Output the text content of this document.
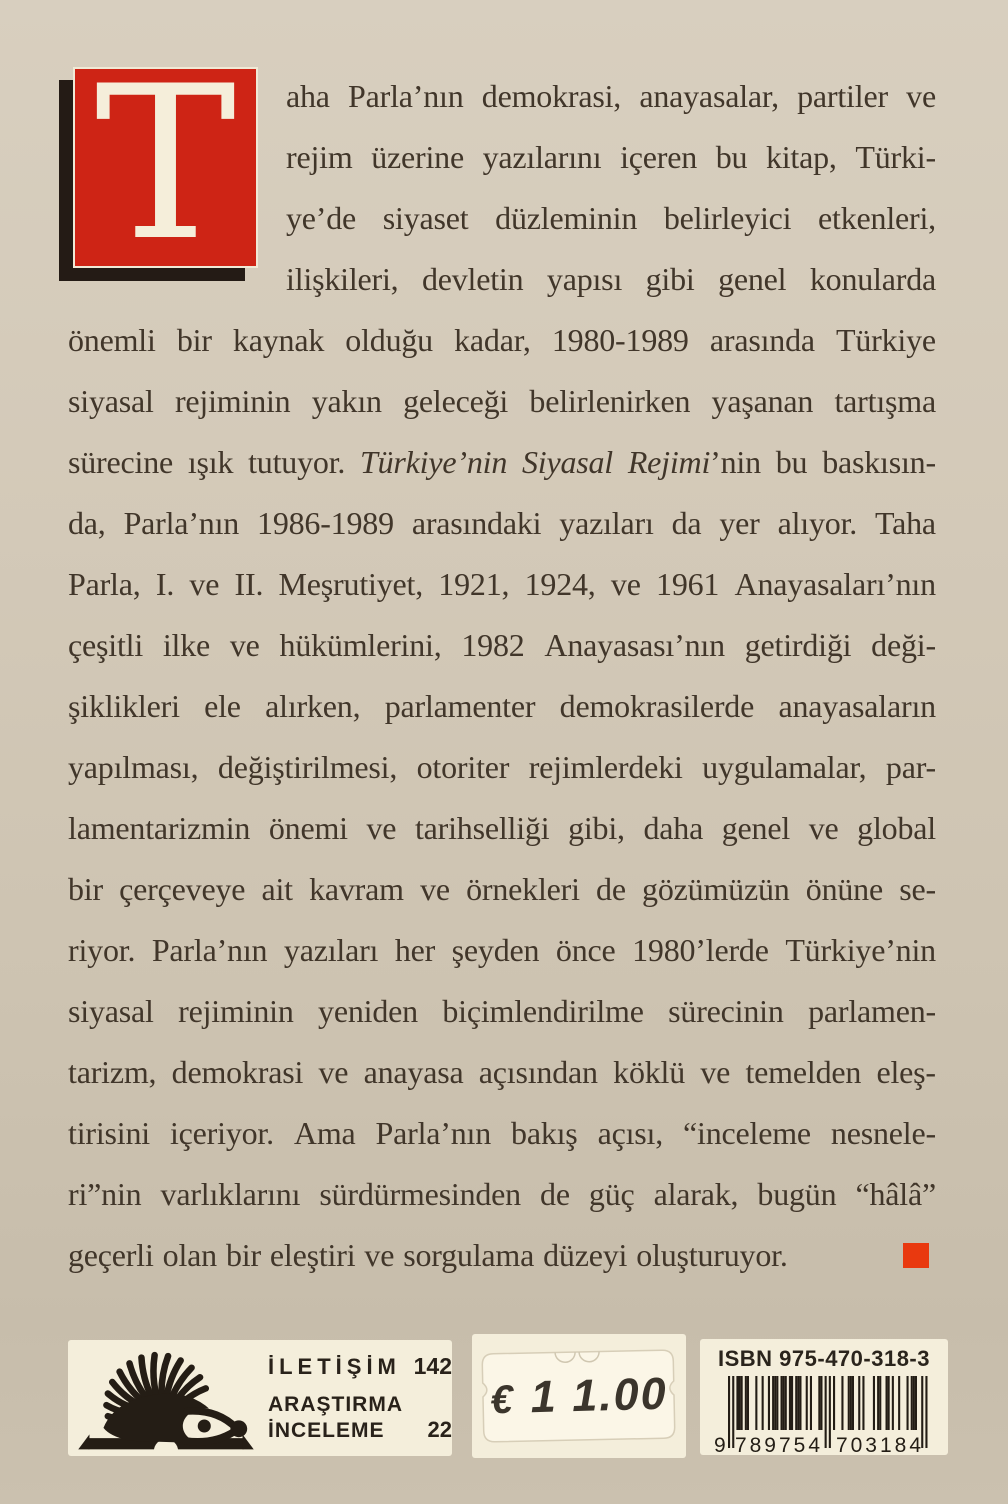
T aha Parla’nın demokrasi, anayasalar, partiler ve
rejim üzerine yazılarını içeren bu kitap, Türki-
ye’de siyaset düzleminin belirleyici etkenleri,
ilişkileri, devletin yapısı gibi genel konularda
önemli bir kaynak olduğu kadar, 1980-1989 arasında Türkiye
siyasal rejiminin yakın geleceği belirlenirken yaşanan tartışma
sürecine ışık tutuyor. Türkiye’nin Siyasal Rejimi’nin bu baskısın-
da, Parla’nın 1986-1989 arasındaki yazıları da yer alıyor. Taha
Parla, I. ve II. Meşrutiyet, 1921, 1924, ve 1961 Anayasaları’nın
çeşitli ilke ve hükümlerini, 1982 Anayasası’nın getirdiği deği-
şiklikleri ele alırken, parlamenter demokrasilerde anayasaların
yapılması, değiştirilmesi, otoriter rejimlerdeki uygulamalar, par-
lamentarizmin önemi ve tarihselliği gibi, daha genel ve global
bir çerçeveye ait kavram ve örnekleri de gözümüzün önüne se-
riyor. Parla’nın yazıları her şeyden önce 1980’lerde Türkiye’nin
siyasal rejiminin yeniden biçimlendirilme sürecinin parlamen-
tarizm, demokrasi ve anayasa açısından köklü ve temelden eleş-
tirisini içeriyor. Ama Parla’nın bakış açısı, “inceleme nesnele-
ri”nin varlıklarını sürdürmesinden de güç alarak, bugün “hâlâ”
geçerli olan bir eleştiri ve sorgulama düzeyi oluşturuyor.
İLETİŞİM 142
ARAŞTIRMA
İNCELEME 22
€ 1 1.00
ISBN 975-470-318-3
9 789754 703184
